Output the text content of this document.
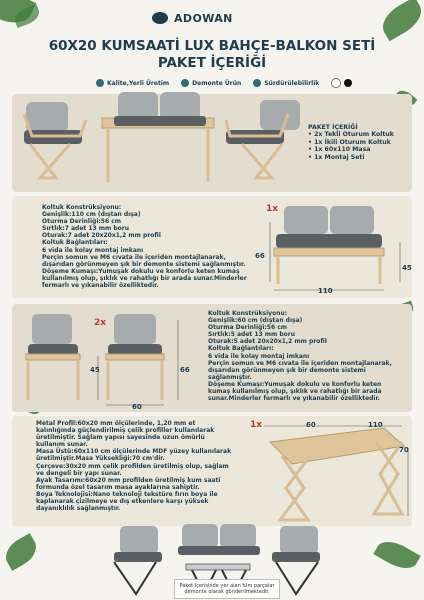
ADOWAN
60X20 KUMSAATİ LUX BAHÇE-BALKON SETİ
PAKET İÇERİĞİ
Kalite,Yerli Üretim	Demonte Ürün	Sürdürülebilirlik
PAKET İÇERİĞİ
• 2x Tekli Oturum Koltuk
• 1x İkili Oturum Koltuk
• 1x 60x110 Masa
• 1x Montaj Seti
Koltuk Konstrüksiyonu:
Genişlik:110 cm (dıştan dışa)
Oturma Derinliği:56 cm
Sırtlık:7 adet 13 mm boru
Oturak:7 adet 20x20x1,2 mm profil
Koltuk Bağlantıları:
6 vida ile kolay montaj imkanı
Perçin somun ve M6 cıvata ile içeriden montajlanarak,
dışarıdan görünmeyen şık bir demonte sistemi sağlanmıştır.
Döşeme Kumaşı:Yumuşak dokulu ve konforlu keten kumaş
kullanılmış olup, şıklık ve rahatlığı bir arada sunar.Minderler
fermarlı ve yıkanabilir özelliktedir.
1x
110
66
45
2x
60
45	66
Koltuk Konstrüksiyonu:
Genişlik:60 cm (dıştan dışa)
Oturma Derinliği:56 cm
Sırtlık:5 adet 13 mm boru
Oturak:5 adet 20x20x1,2 mm profil
Koltuk Bağlantıları:
6 vida ile kolay montaj imkanı
Perçin somun ve M6 cıvata ile içeriden montajlanarak,
dışarıdan görünmeyen şık bir demonte sistemi
sağlanmıştır.
Döşeme Kumaşı:Yumuşak dokulu ve konforlu keten
kumaş kullanılmış olup, şıklık ve rahatlığı bir arada
sunar.Minderler fermarlı ve yıkanabilir özelliktedir.
Metal Profil:60x20 mm ölçülerinde, 1,20 mm et
kalınlığında güçlendirilmiş çelik profiller kullanılarak
üretilmiştir. Sağlam yapısı sayesinde uzun ömürlü
kullanım sunar.
Masa Üstü:60x110 cm ölçülerinde MDF yüzey kullanılarak
üretilmiştir.Masa Yüksekliği:70 cm'dir.
Çerçeve:30x20 mm çelik profilden üretilmiş olup, sağlam
ve dengeli bir yapı sunar.
Ayak Tasarımı:60x20 mm profilden üretilmiş kum saati
formunda özel tasarım masa ayaklarına sahiptir.
Boya Teknolojisi:Nano teknoloji tekstüre fırın boya ile
kaplanarak çizilmeye ve dış etkenlere karşı yüksek
dayanıklılık sağlanmıştır.
1x	60	110
70
Paket içerisinde yer alan tüm parçalar
demonte olarak gönderilmektedir.
